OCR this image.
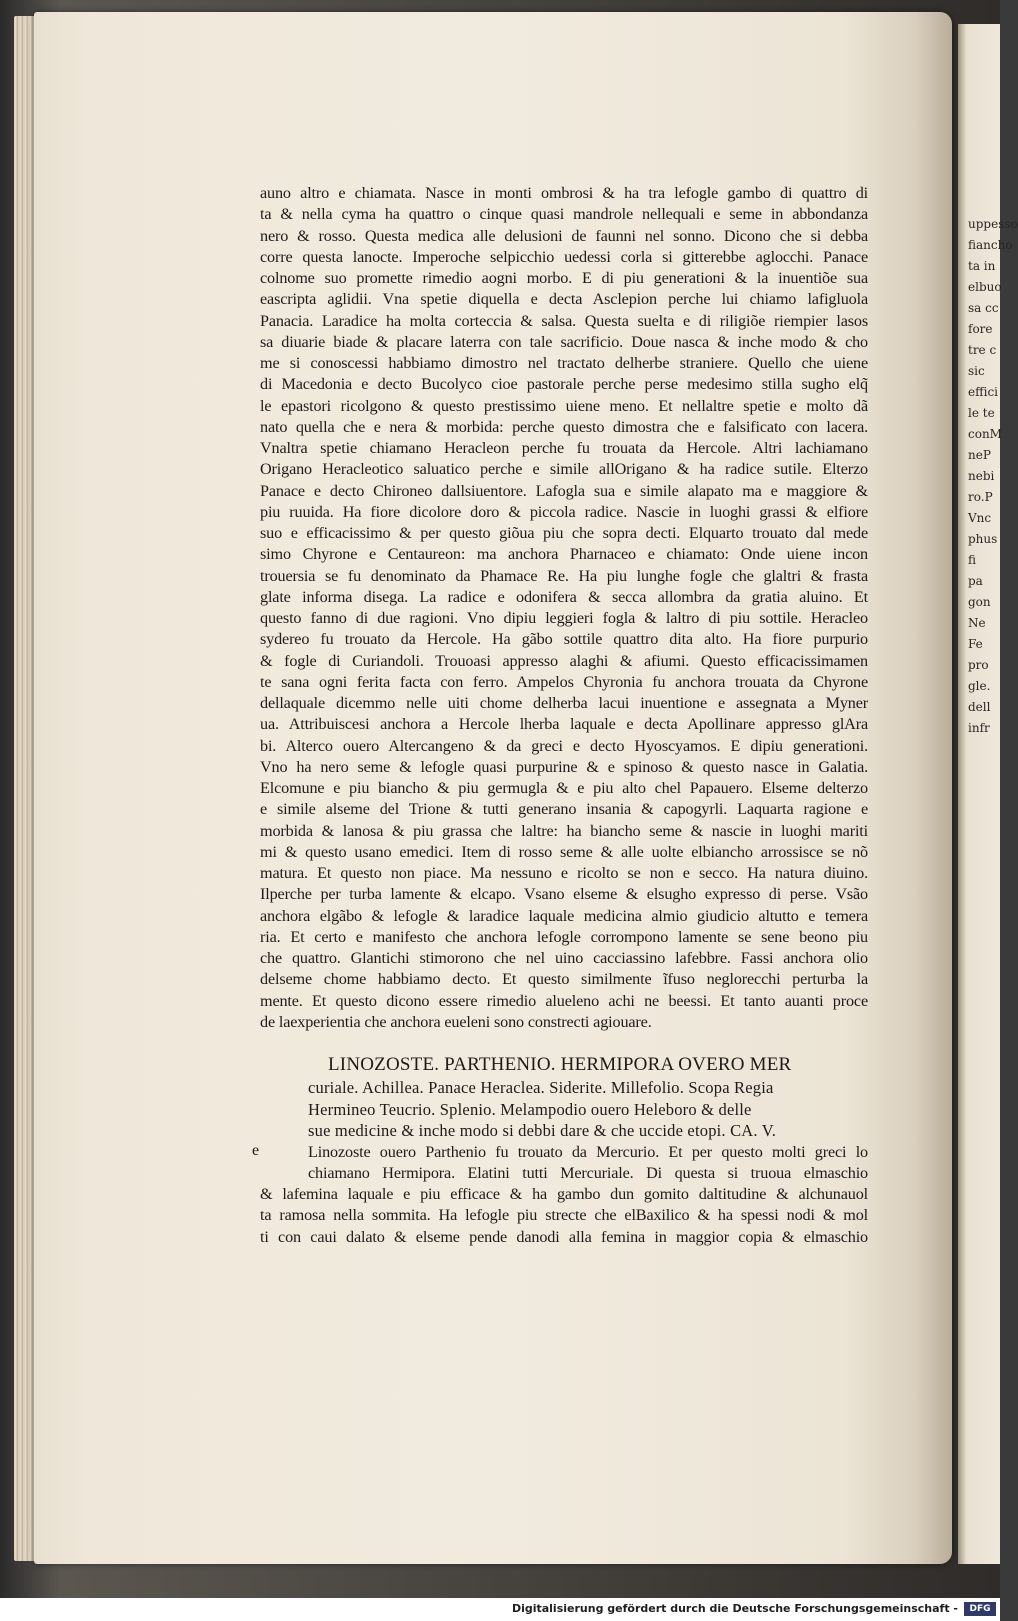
uppesso
fiancho
ta in
elbuo
sa cc
fore
tre c
sic
effici
le te
conM
neP
nebi
ro.P
Vnc
phus
fi
pa
gon
Ne
Fe
pro
gle.
dell
infr
auno altro e chiamata. Nasce in monti ombrosi & ha tra lefogle gambo di quattro di
ta & nella cyma ha quattro o cinque quasi mandrole nellequali e seme in abbondanza
nero & rosso. Questa medica alle delusioni de faunni nel sonno. Dicono che si debba
corre questa lanocte. Imperoche selpicchio uedessi corla si gitterebbe aglocchi. Panace
colnome suo promette rimedio aogni morbo. E di piu generationi & la inuentiõe sua
eascripta aglidii. Vna spetie diquella e decta Asclepion perche lui chiamo lafigluola
Panacia. Laradice ha molta corteccia & salsa. Questa suelta e di riligiõe riempier lasos
sa diuarie biade & placare laterra con tale sacrificio. Doue nasca & inche modo & cho
me si conoscessi habbiamo dimostro nel tractato delherbe straniere. Quello che uiene
di Macedonia e decto Bucolyco cioe pastorale perche perse medesimo stilla sugho elq̃
le epastori ricolgono & questo prestissimo uiene meno. Et nellaltre spetie e molto dã
nato quella che e nera & morbida: perche questo dimostra che e falsificato con lacera.
Vnaltra spetie chiamano Heracleon perche fu trouata da Hercole. Altri lachiamano
Origano Heracleotico saluatico perche e simile allOrigano & ha radice sutile. Elterzo
Panace e decto Chironeo dallsiuentore. Lafogla sua e simile alapato ma e maggiore &
piu ruuida. Ha fiore dicolore doro & piccola radice. Nascie in luoghi grassi & elfiore
suo e efficacissimo & per questo giõua piu che sopra decti. Elquarto trouato dal mede
simo Chyrone e Centaureon: ma anchora Pharnaceo e chiamato: Onde uiene incon
trouersia se fu denominato da Phamace Re. Ha piu lunghe fogle che glaltri & frasta
glate informa disega. La radice e odonifera & secca allombra da gratia aluino. Et
questo fanno di due ragioni. Vno dipiu leggieri fogla & laltro di piu sottile. Heracleo
sydereo fu trouato da Hercole. Ha gãbo sottile quattro dita alto. Ha fiore purpurio
& fogle di Curiandoli. Trouoasi appresso alaghi & afiumi. Questo efficacissimamen
te sana ogni ferita facta con ferro. Ampelos Chyronia fu anchora trouata da Chyrone
dellaquale dicemmo nelle uiti chome delherba lacui inuentione e assegnata a Myner
ua. Attribuiscesi anchora a Hercole lherba laquale e decta Apollinare appresso glAra
bi. Alterco ouero Altercangeno & da greci e decto Hyoscyamos. E dipiu generationi.
Vno ha nero seme & lefogle quasi purpurine & e spinoso & questo nasce in Galatia.
Elcomune e piu biancho & piu germugla & e piu alto chel Papauero. Elseme delterzo
e simile alseme del Trione & tutti generano insania & capogyrli. Laquarta ragione e
morbida & lanosa & piu grassa che laltre: ha biancho seme & nascie in luoghi mariti
mi & questo usano emedici. Item di rosso seme & alle uolte elbiancho arrossisce se nõ
matura. Et questo non piace. Ma nessuno e ricolto se non e secco. Ha natura diuino.
Ilperche per turba lamente & elcapo. Vsano elseme & elsugho expresso di perse. Vsão
anchora elgãbo & lefogle & laradice laquale medicina almio giudicio altutto e temera
ria. Et certo e manifesto che anchora lefogle corrompono lamente se sene beono piu
che quattro. Glantichi stimorono che nel uino cacciassino lafebbre. Fassi anchora olio
delseme chome habbiamo decto. Et questo similmente ĩfuso neglorecchi perturba la
mente. Et questo dicono essere rimedio alueleno achi ne beessi. Et tanto auanti proce
de laexperientia che anchora eueleni sono constrecti agiouare.
LINOZOSTE. PARTHENIO. HERMIPORA OVERO MER
curiale. Achillea. Panace Heraclea. Siderite. Millefolio. Scopa Regia
Hermineo Teucrio. Splenio. Melampodio ouero Heleboro & delle
sue medicine & inche modo si debbi dare & che uccide etopi. CA. V.
e	Linozoste ouero Parthenio fu trouato da Mercurio. Et per questo molti greci lo
chiamano Hermipora. Elatini tutti Mercuriale. Di questa si truoua elmaschio
& lafemina laquale e piu efficace & ha gambo dun gomito daltitudine & alchunauol
ta ramosa nella sommita. Ha lefogle piu strecte che elBaxilico & ha spessi nodi & mol
ti con caui dalato & elseme pende danodi alla femina in maggior copia & elmaschio
Digitalisierung gefördert durch die Deutsche Forschungsgemeinschaft -	DFG
